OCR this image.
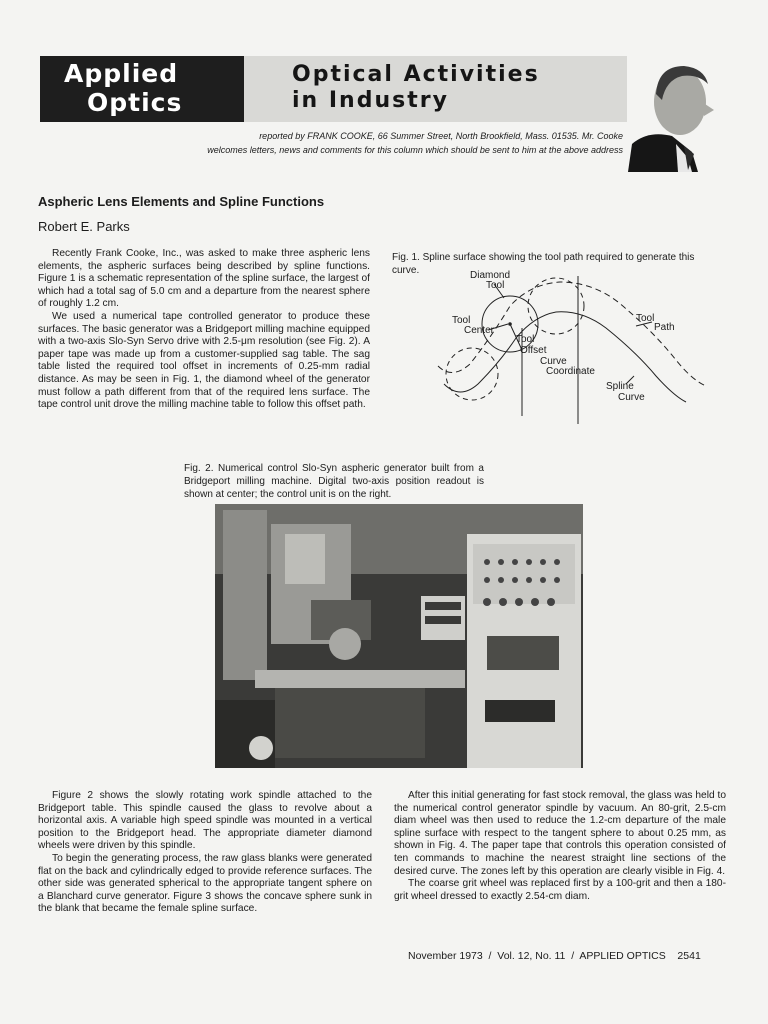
Applied
Optics
Optical Activities
in Industry
reported by FRANK COOKE, 66 Summer Street, North Brookfield, Mass. 01535. Mr. Cooke
welcomes letters, news and comments for this column which should be sent to him at the above address
Aspheric Lens Elements and Spline Functions
Robert E. Parks

Recently Frank Cooke, Inc., was asked to make three aspheric lens elements, the aspheric surfaces being described by spline functions. Figure 1 is a schematic representation of the spline surface, the largest of which had a total sag of 5.0 cm and a departure from the nearest sphere of roughly 1.2 cm.

We used a numerical tape controlled generator to produce these surfaces. The basic generator was a Bridgeport milling machine equipped with a two-axis Slo-Syn Servo drive with 2.5-μm resolution (see Fig. 2). A paper tape was made up from a customer-supplied sag table. The sag table listed the required tool offset in increments of 0.25-mm radial distance. As may be seen in Fig. 1, the diamond wheel of the generator must follow a path different from that of the required lens surface. The tape control unit drove the milling machine table to follow this offset path.

Fig. 1. Spline surface showing the tool path required to generate this curve.	Diamond
Tool
Tool
Center
Tool
Offset
Curve
Coordinate
Tool
Path
Spline
Curve
Fig. 2. Numerical control Slo-Syn aspheric generator built from a Bridgeport milling machine. Digital two-axis position readout is shown at center; the control unit is on the right.

Figure 2 shows the slowly rotating work spindle attached to the Bridgeport table. This spindle caused the glass to revolve about a horizontal axis. A variable high speed spindle was mounted in a vertical position to the Bridgeport head. The appropriate diameter diamond wheels were driven by this spindle.

To begin the generating process, the raw glass blanks were generated flat on the back and cylindrically edged to provide reference surfaces. The other side was generated spherical to the appropriate tangent sphere on a Blanchard curve generator. Figure 3 shows the concave sphere sunk in the blank that became the female spline surface.

After this initial generating for fast stock removal, the glass was held to the numerical control generator spindle by vacuum. An 80-grit, 2.5-cm diam wheel was then used to reduce the 1.2-cm departure of the male spline surface with respect to the tangent sphere to about 0.25 mm, as shown in Fig. 4. The paper tape that controls this operation consisted of ten commands to machine the nearest straight line sections of the desired curve. The zones left by this operation are clearly visible in Fig. 4.

The coarse grit wheel was replaced first by a 100-grit and then a 180-grit wheel dressed to exactly 2.54-cm diam.

November 1973  /  Vol. 12, No. 11  /  APPLIED OPTICS    2541
